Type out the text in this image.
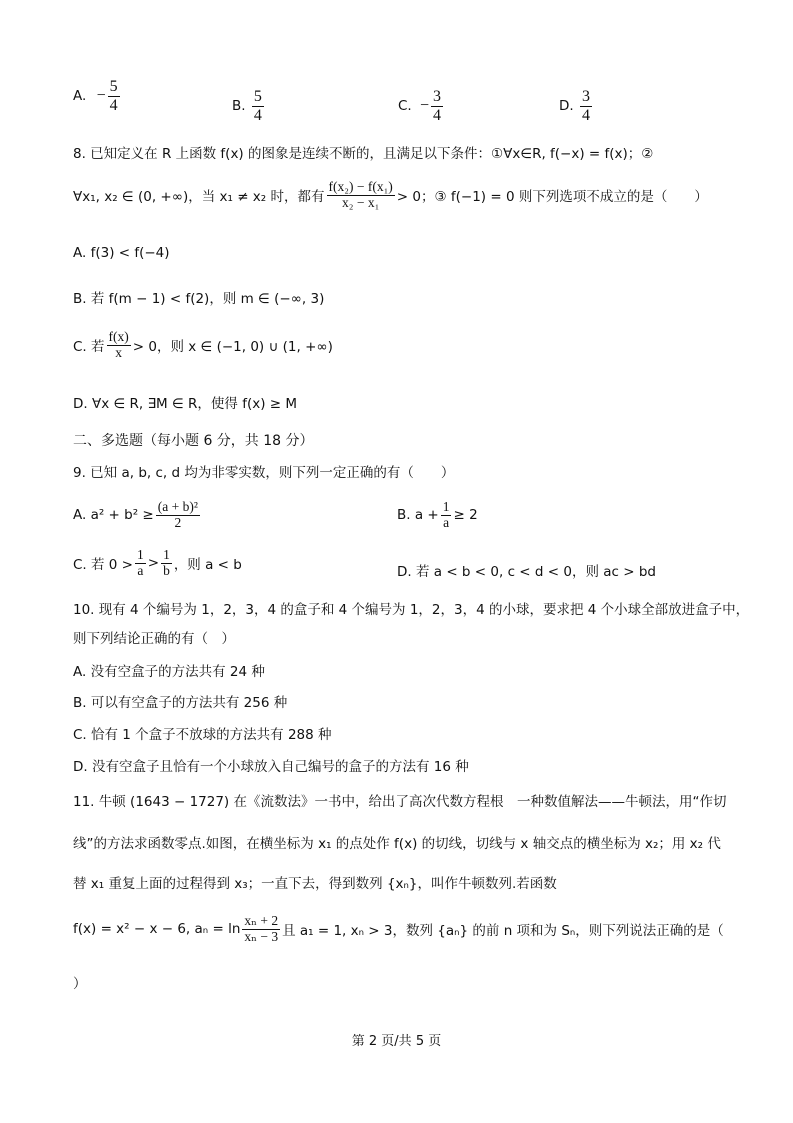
A. − $\frac{5}{4}$	B. $\frac{5}{4}$	C. − $\frac{3}{4}$	D. $\frac{3}{4}$
8. 已知定义在 R 上函数 f(x) 的图象是连续不断的，且满足以下条件：①∀x∈R, f(−x) = f(x)；②
∀x₁, x₂ ∈ (0, +∞)，当 x₁ ≠ x₂ 时，都有 $\frac{\text{f(x₂) − f(x₁)}}{\text{x₂ − x₁}} > 0$；③ f(−1) = 0 则下列选项不成立的是（　　）
A. f(3) < f(−4)
B. 若 f(m − 1) < f(2)，则 m ∈ (−∞, 3)
C. 若 $\frac{f(x)}{x} > 0$，则 x ∈ (−1, 0) ∪ (1, +∞)
D. ∀x ∈ R, ∃M ∈ R，使得 f(x) ≥ M
二、多选题（每小题 6 分，共 18 分）
9. 已知 a, b, c, d 均为非零实数，则下列一定正确的有（　　）
A. $a^2 + b^2 \ge \frac{\text{(a + b)²}}{2}$	B. $a + \frac{1}{a} \ge 2$
C. 若 $0 > \frac{1}{a} > \frac{1}{b}$ ，则 a < b	D. 若 a < b < 0, c < d < 0，则 ac > bd
10. 现有 4 个编号为 1，2，3，4 的盒子和 4 个编号为 1，2，3，4 的小球，要求把 4 个小球全部放进盒子中，
则下列结论正确的有（　）
A. 没有空盒子的方法共有 24 种
B. 可以有空盒子的方法共有 256 种
C. 恰有 1 个盒子不放球的方法共有 288 种
D. 没有空盒子且恰有一个小球放入自己编号的盒子的方法有 16 种
11. 牛顿 (1643 − 1727) 在《流数法》一书中，给出了高次代数方程根　一种数值解法——牛顿法，用“作切
线”的方法求函数零点.如图，在横坐标为 x₁ 的点处作 f(x) 的切线，切线与 x 轴交点的横坐标为 x₂；用 x₂ 代
替 x₁ 重复上面的过程得到 x₃；一直下去，得到数列 {xₙ}，叫作牛顿数列.若函数
f(x) = x² − x − 6, $a_n = \ln \frac{\text{xₙ + 2}}{\text{xₙ − 3}}$ 且 a₁ = 1, xₙ > 3，数列 {aₙ} 的前 n 项和为 Sₙ，则下列说法正确的是（
）
第 2 页/共 5 页
